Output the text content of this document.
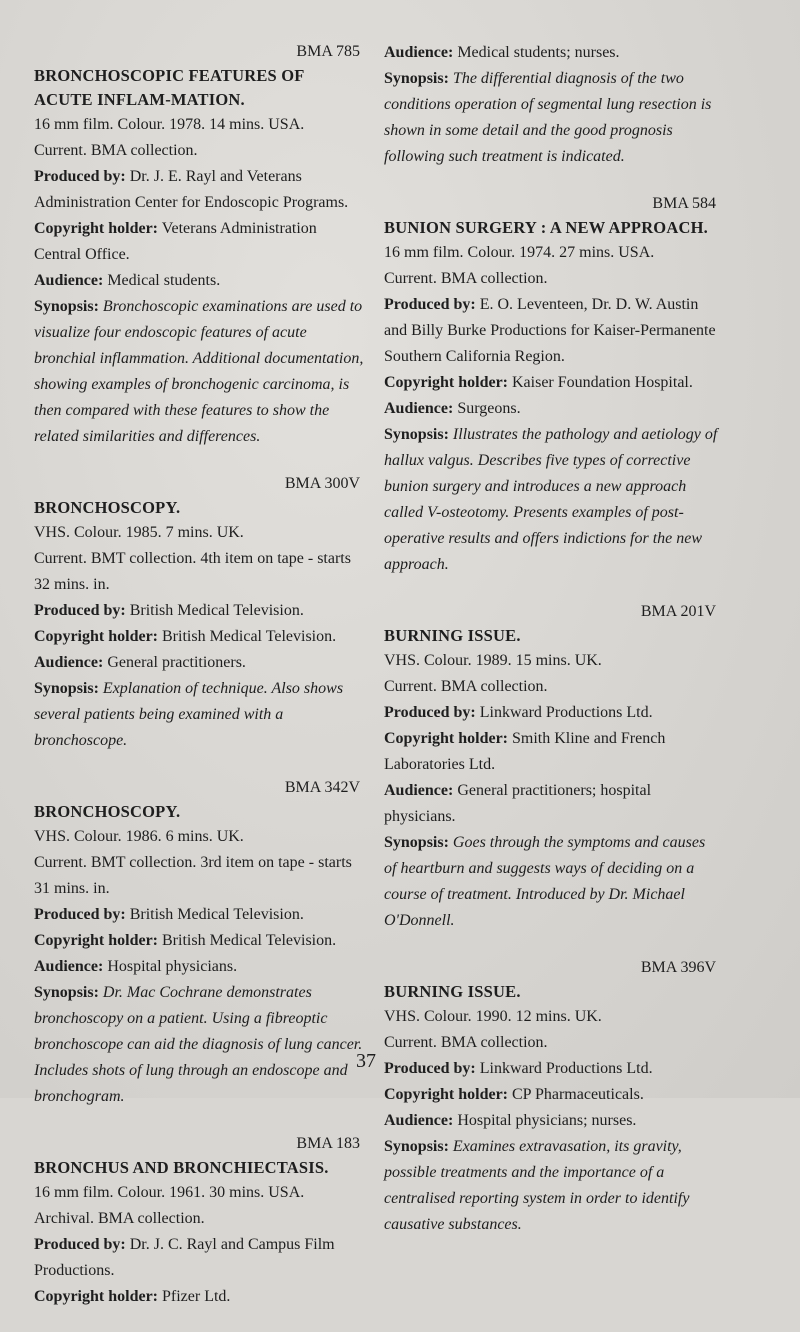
BMA 785

BRONCHOSCOPIC FEATURES OF ACUTE INFLAM-MATION.

16 mm film. Colour. 1978. 14 mins. USA.

Current. BMA collection.

Produced by: Dr. J. E. Rayl and Veterans Administration Center for Endoscopic Programs.

Copyright holder: Veterans Administration Central Office.

Audience: Medical students.

Synopsis: Bronchoscopic examinations are used to visualize four endoscopic features of acute bronchial inflammation. Additional documentation, showing examples of bronchogenic carcinoma, is then compared with these features to show the related similarities and differences.

BMA 300V

BRONCHOSCOPY.

VHS. Colour. 1985. 7 mins. UK.

Current. BMT collection. 4th item on tape - starts 32 mins. in.

Produced by: British Medical Television.

Copyright holder: British Medical Television.

Audience: General practitioners.

Synopsis: Explanation of technique. Also shows several patients being examined with a bronchoscope.

BMA 342V

BRONCHOSCOPY.

VHS. Colour. 1986. 6 mins. UK.

Current. BMT collection. 3rd item on tape - starts 31 mins. in.

Produced by: British Medical Television.

Copyright holder: British Medical Television.

Audience: Hospital physicians.

Synopsis: Dr. Mac Cochrane demonstrates bronchoscopy on a patient. Using a fibreoptic bronchoscope can aid the diagnosis of lung cancer. Includes shots of lung through an endoscope and bronchogram.

BMA 183

BRONCHUS AND BRONCHIECTASIS.

16 mm film. Colour. 1961. 30 mins. USA.

Archival. BMA collection.

Produced by: Dr. J. C. Rayl and Campus Film Productions.

Copyright holder: Pfizer Ltd.

Audience: Medical students; nurses.

Synopsis: The differential diagnosis of the two conditions operation of segmental lung resection is shown in some detail and the good prognosis following such treatment is indicated.

BMA 584

BUNION SURGERY : A NEW APPROACH.

16 mm film. Colour. 1974. 27 mins. USA.

Current. BMA collection.

Produced by: E. O. Leventeen, Dr. D. W. Austin and Billy Burke Productions for Kaiser-Permanente Southern California Region.

Copyright holder: Kaiser Foundation Hospital.

Audience: Surgeons.

Synopsis: Illustrates the pathology and aetiology of hallux valgus. Describes five types of corrective bunion surgery and introduces a new approach called V-osteotomy. Presents examples of post-operative results and offers indictions for the new approach.

BMA 201V

BURNING ISSUE.

VHS. Colour. 1989. 15 mins. UK.

Current. BMA collection.

Produced by: Linkward Productions Ltd.

Copyright holder: Smith Kline and French Laboratories Ltd.

Audience: General practitioners; hospital physicians.

Synopsis: Goes through the symptoms and causes of heartburn and suggests ways of deciding on a course of treatment. Introduced by Dr. Michael O'Donnell.

BMA 396V

BURNING ISSUE.

VHS. Colour. 1990. 12 mins. UK.

Current. BMA collection.

Produced by: Linkward Productions Ltd.

Copyright holder: CP Pharmaceuticals.

Audience: Hospital physicians; nurses.

Synopsis: Examines extravasation, its gravity, possible treatments and the importance of a centralised reporting system in order to identify causative substances.

37
